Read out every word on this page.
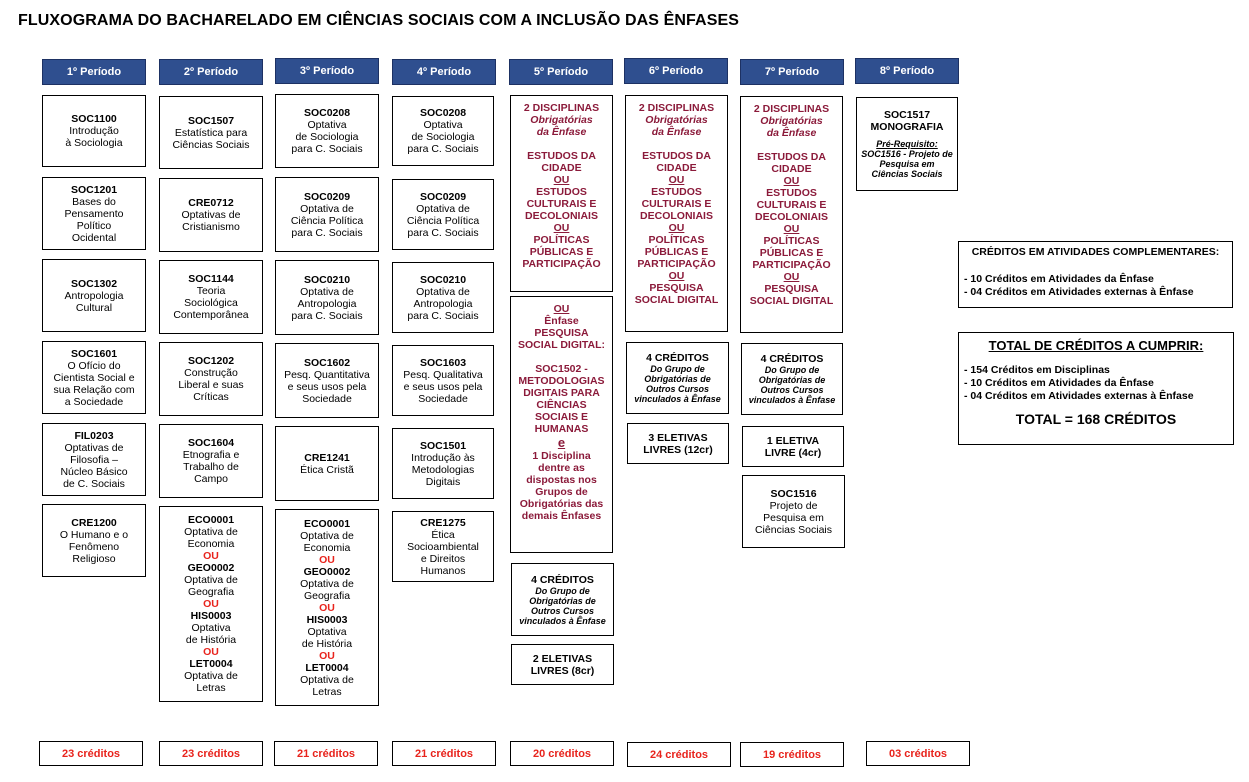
FLUXOGRAMA DO BACHARELADO EM CIÊNCIAS SOCIAIS COM A INCLUSÃO DAS ÊNFASES
1º Período	2º Período	3º Período	4º Período	5º Período	6º Período	7º Período	8º Período
SOC1100
Introdução
à Sociologia
SOC1201
Bases do
Pensamento
Político
Ocidental
SOC1302
Antropologia
Cultural
SOC1601
O Ofício do
Cientista Social e
sua Relação com
a Sociedade
FIL0203
Optativas de
Filosofia –
Núcleo Básico
de C. Sociais
CRE1200
O Humano e o
Fenômeno
Religioso
SOC1507
Estatística para
Ciências Sociais
CRE0712
Optativas de
Cristianismo
SOC1144
Teoria
Sociológica
Contemporânea
SOC1202
Construção
Liberal e suas
Críticas
SOC1604
Etnografia e
Trabalho de
Campo
ECO0001
Optativa de
Economia
OU
GEO0002
Optativa de
Geografia
OU
HIS0003
Optativa
de História
OU
LET0004
Optativa de
Letras
SOC0208
Optativa
de Sociologia
para C. Sociais
SOC0209
Optativa de
Ciência Política
para C. Sociais
SOC0210
Optativa de
Antropologia
para C. Sociais
SOC1602
Pesq. Quantitativa
e seus usos pela
Sociedade
CRE1241
Ética Cristã
ECO0001
Optativa de
Economia
OU
GEO0002
Optativa de
Geografia
OU
HIS0003
Optativa
de História
OU
LET0004
Optativa de
Letras
SOC0208
Optativa
de Sociologia
para C. Sociais
SOC0209
Optativa de
Ciência Política
para C. Sociais
SOC0210
Optativa de
Antropologia
para C. Sociais
SOC1603
Pesq. Qualitativa
e seus usos pela
Sociedade
SOC1501
Introdução às
Metodologias
Digitais
CRE1275
Ética
Socioambiental
e Direitos
Humanos
2 DISCIPLINAS
Obrigatórias
da Ênfase
ESTUDOS DA
CIDADE
OU
ESTUDOS
CULTURAIS E
DECOLONIAIS
OU
POLÍTICAS
PÚBLICAS E
PARTICIPAÇÃO
OU
Ênfase
PESQUISA
SOCIAL DIGITAL:
SOC1502 -
METODOLOGIAS
DIGITAIS PARA
CIÊNCIAS
SOCIAIS E
HUMANAS
e
1 Disciplina
dentre as
dispostas nos
Grupos de
Obrigatórias das
demais Ênfases
4 CRÉDITOS
Do Grupo de
Obrigatórias de
Outros Cursos
vinculados à Ênfase
2 ELETIVAS
LIVRES (8cr)
2 DISCIPLINAS
Obrigatórias
da Ênfase
ESTUDOS DA
CIDADE
OU
ESTUDOS
CULTURAIS E
DECOLONIAIS
OU
POLÍTICAS
PÚBLICAS E
PARTICIPAÇÃO
OU
PESQUISA
SOCIAL DIGITAL
4 CRÉDITOS
Do Grupo de
Obrigatórias de
Outros Cursos
vinculados à Ênfase
3 ELETIVAS
LIVRES (12cr)
2 DISCIPLINAS
Obrigatórias
da Ênfase
ESTUDOS DA
CIDADE
OU
ESTUDOS
CULTURAIS E
DECOLONIAIS
OU
POLÍTICAS
PÚBLICAS E
PARTICIPAÇÃO
OU
PESQUISA
SOCIAL DIGITAL
4 CRÉDITOS
Do Grupo de
Obrigatórias de
Outros Cursos
vinculados à Ênfase
1 ELETIVA
LIVRE (4cr)
SOC1516
Projeto de
Pesquisa em
Ciências Sociais
SOC1517
MONOGRAFIA
Pré-Requisito:
SOC1516 - Projeto de
Pesquisa em
Ciências Sociais
CRÉDITOS EM ATIVIDADES COMPLEMENTARES:
- 10 Créditos em Atividades da Ênfase
- 04 Créditos em Atividades externas à Ênfase
TOTAL DE CRÉDITOS A CUMPRIR:
- 154 Créditos em Disciplinas
- 10 Créditos em Atividades da Ênfase
- 04 Créditos em Atividades externas à Ênfase
TOTAL = 168 CRÉDITOS
23 créditos	23 créditos	21 créditos	21 créditos	20 créditos	24 créditos	19 créditos	03 créditos
